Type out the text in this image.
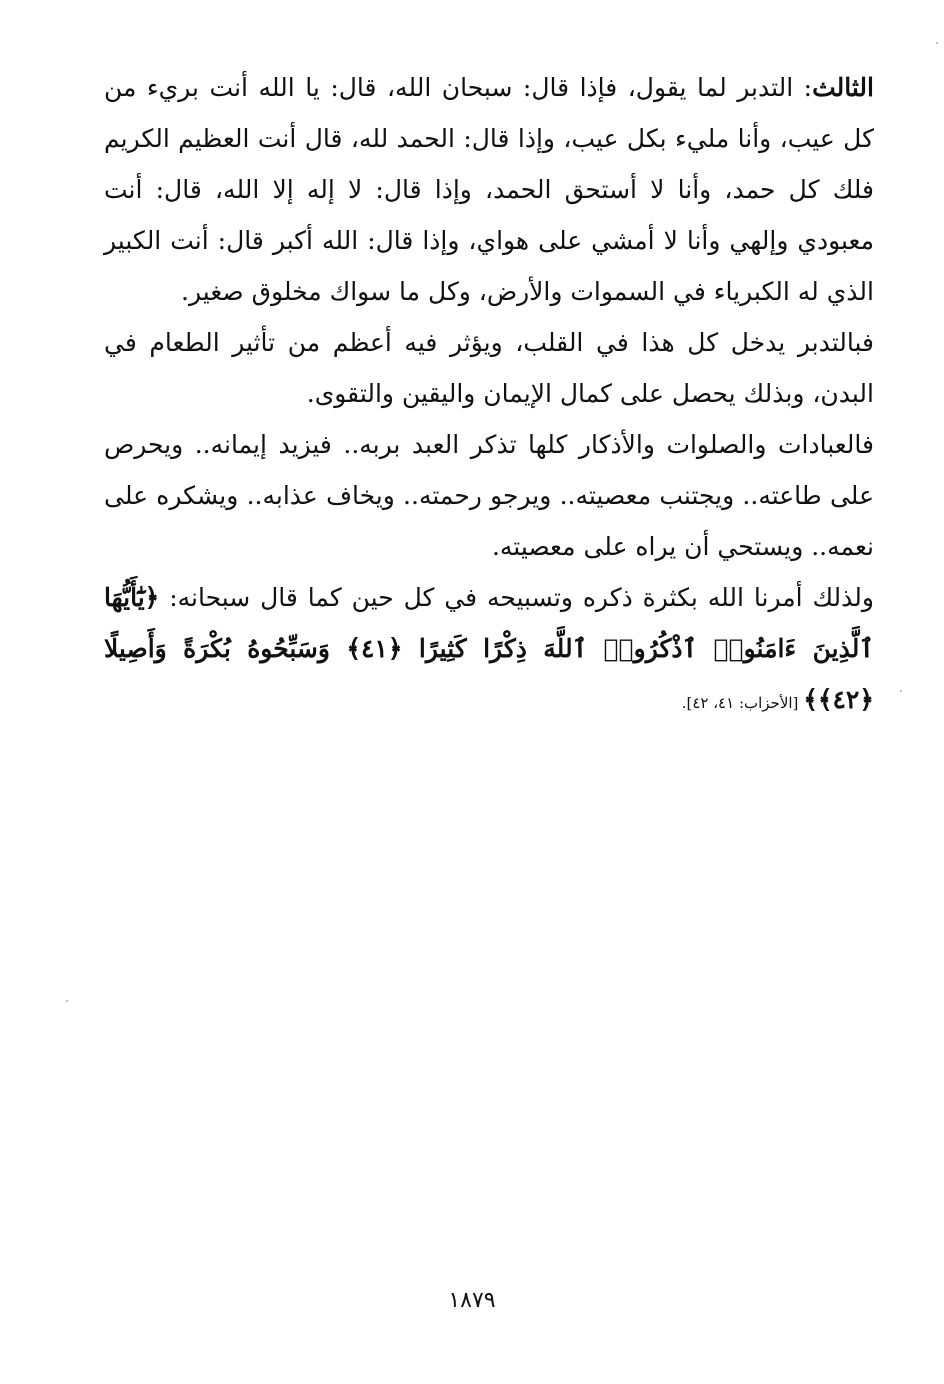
الثالث: التدبر لما يقول، فإذا قال: سبحان الله، قال: يا الله أنت بريء من كل عيب، وأنا مليء بكل عيب، وإذا قال: الحمد لله، قال أنت العظيم الكريم فلك كل حمد، وأنا لا أستحق الحمد، وإذا قال: لا إله إلا الله، قال: أنت معبودي وإلهي وأنا لا أمشي على هواي، وإذا قال: الله أكبر قال: أنت الكبير الذي له الكبرياء في السموات والأرض، وكل ما سواك مخلوق صغير.

فبالتدبر يدخل كل هذا في القلب، ويؤثر فيه أعظم من تأثير الطعام في البدن، وبذلك يحصل على كمال الإيمان واليقين والتقوى.

فالعبادات والصلوات والأذكار كلها تذكر العبد بربه.. فيزيد إيمانه.. ويحرص على طاعته.. ويجتنب معصيته.. ويرجو رحمته.. ويخاف عذابه.. ويشكره على نعمه.. ويستحي أن يراه على معصيته.

ولذلك أمرنا الله بكثرة ذكره وتسبيحه في كل حين كما قال سبحانه: ﴿يَٰٓأَيُّهَا ٱلَّذِينَ ءَامَنُوا۟ ٱذْكُرُوا۟ ٱللَّهَ ذِكْرًا كَثِيرًا ﴿٤١﴾ وَسَبِّحُوهُ بُكْرَةً وَأَصِيلًا ﴿٤٢﴾﴾ [الأحزاب: ٤١، ٤٢].

١٨٧٩
